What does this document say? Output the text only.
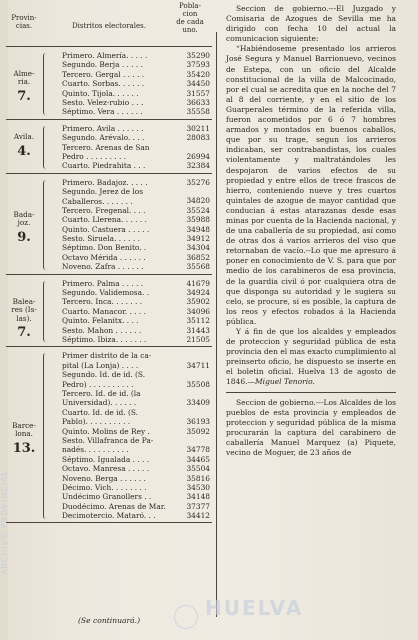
Provin-
cias.	Distritos electorales.
Pobla-
cion
de cada
uno.
Primero. Almería. . . . .	35290
Segundo. Berja . . . . .	37593
Tercero. Gergal . . . . .	35420
Cuarto. Sorbas. . . . . .	34450
Quinto. Tijola. . . . . .	31557
Sesto. Velez-rubio . . .	36633
Séptimo. Vera . . . . . .	35558
Alme-
ria.
7.
Primero. Avila . . . . . .	30211
Segundo. Arévalo. . . .	28083
Tercero. Arenas de San
Pedro . . . . . . . . .	26994
Cuarto. Piedrahita . . .	32384
Avila.
4.
Primero. Badajoz. . . . .	35276
Segundo. Jerez de los
Caballeros. . . . . . .	34820
Tercero. Fregenal. . . .	35524
Cuarto. Llerena. . . . . .	35988
Quinto. Castuera . . . . .	34948
Sesto. Siruela. . . . . .	34912
Séptimo. Don Benito. .	34304
Octavo Mérida . . . . . .	36852
Noveno. Zafra . . . . . .	35568
Bada-
joz.
9.
Primero. Palma . . . . .	41679
Segundo. Validemosa. .	34924
Tercero. Inca. . . . . . .	35902
Cuarto. Manacor. . . . .	34096
Quinto. Felanitx. . . .	35112
Sesto. Mahon . . . . . .	31443
Séptimo. Ibiza. . . . . . .	21505
Balea-
res (Is-
las).
7.
Primer distrito de la ca-
pital (La Lonja) . . . .	34711
Segundo. Id. de id. (S.
Pedro) . . . . . . . . . .	35508
Tercero. Id. de id. (la
Universidad). . . . . .	33409
Cuarto. Id. de id. (S.
Pablo). . . . . . . . . .	36193
Quinto. Molins de Rey .	35092
Sesto. Villafranca de Pa-
nadés. . . . . . . . . .	34778
Séptimo. Igualada . . . .	34465
Octavo. Manresa . . . . .	35504
Noveno. Berga . . . . . .	35816
Décimo. Vich. . . . . . . .	34530
Undécimo Granollers . .	34148
Duodécimo. Arenas de Mar.	37377
Decimotercio. Mataró. . .	34412
Barce-
lona.
13.
(Se continuará.)

Seccion de gobierno.---El Juzgado y Comisaria de Azogues de Sevilla me ha dirigido con fecha 10 del actual la comunicacion siguiente:

“Habiéndoseme presentado los arrieros José Segura y Manuel Barrionuevo, vecinos de Estepa, con un oficio del Alcalde constitucional de la villa de Malcocinado, por el cual se acredita que en la noche del 7 al 8 del corriente, y en el sitio de los Guarperales término de la referida villa, fueron acometidos por 6 ó 7 hombres armados y montados en buenos caballos, que por su trage, segun los arrieros indicaban, ser contrabandistas, los cuales violentamente y maltratándoles les despojaron de varios efectos de su propiedad y entre ellos de trece frascos de hierro, conteniendo nueve y tres cuartos quintales de azogue de mayor cantidad que conducian á estas atarazanas desde esas minas por cuenta de la Hacienda nacional, y de una caballería de su propiedad, así como de otras dos á varios arrieros del viso que retornaban de vacío.--Lo que me apresuro á poner en conocimiento de V. S. para que por medio de los carabineros de esa provincia, de la guardia civil ó por cualquiera otra de que disponga su autoridad y le sugiera su celo, se procure, si es posible, la captura de los reos y efectos robados á la Hacienda pública.

Y á fin de que los alcaldes y empleados de proteccion y seguridad pública de esta provincia den el mas exacto cumplimiento al preinserto oficio, he dispuesto se inserte en el boletin oficial. Huelva 13 de agosto de 1846.—Miguel Tenorio.

Seccion de gobierno.---Los Alcaldes de los pueblos de esta provincia y empleados de proteccion y seguridad pública de la misma procurarán la captura del carabinero de caballería Manuel Marquez (a) Piquete, vecino de Moguer, de 23 años de

ARCHIVO PROVINCIAL
HUELVA
